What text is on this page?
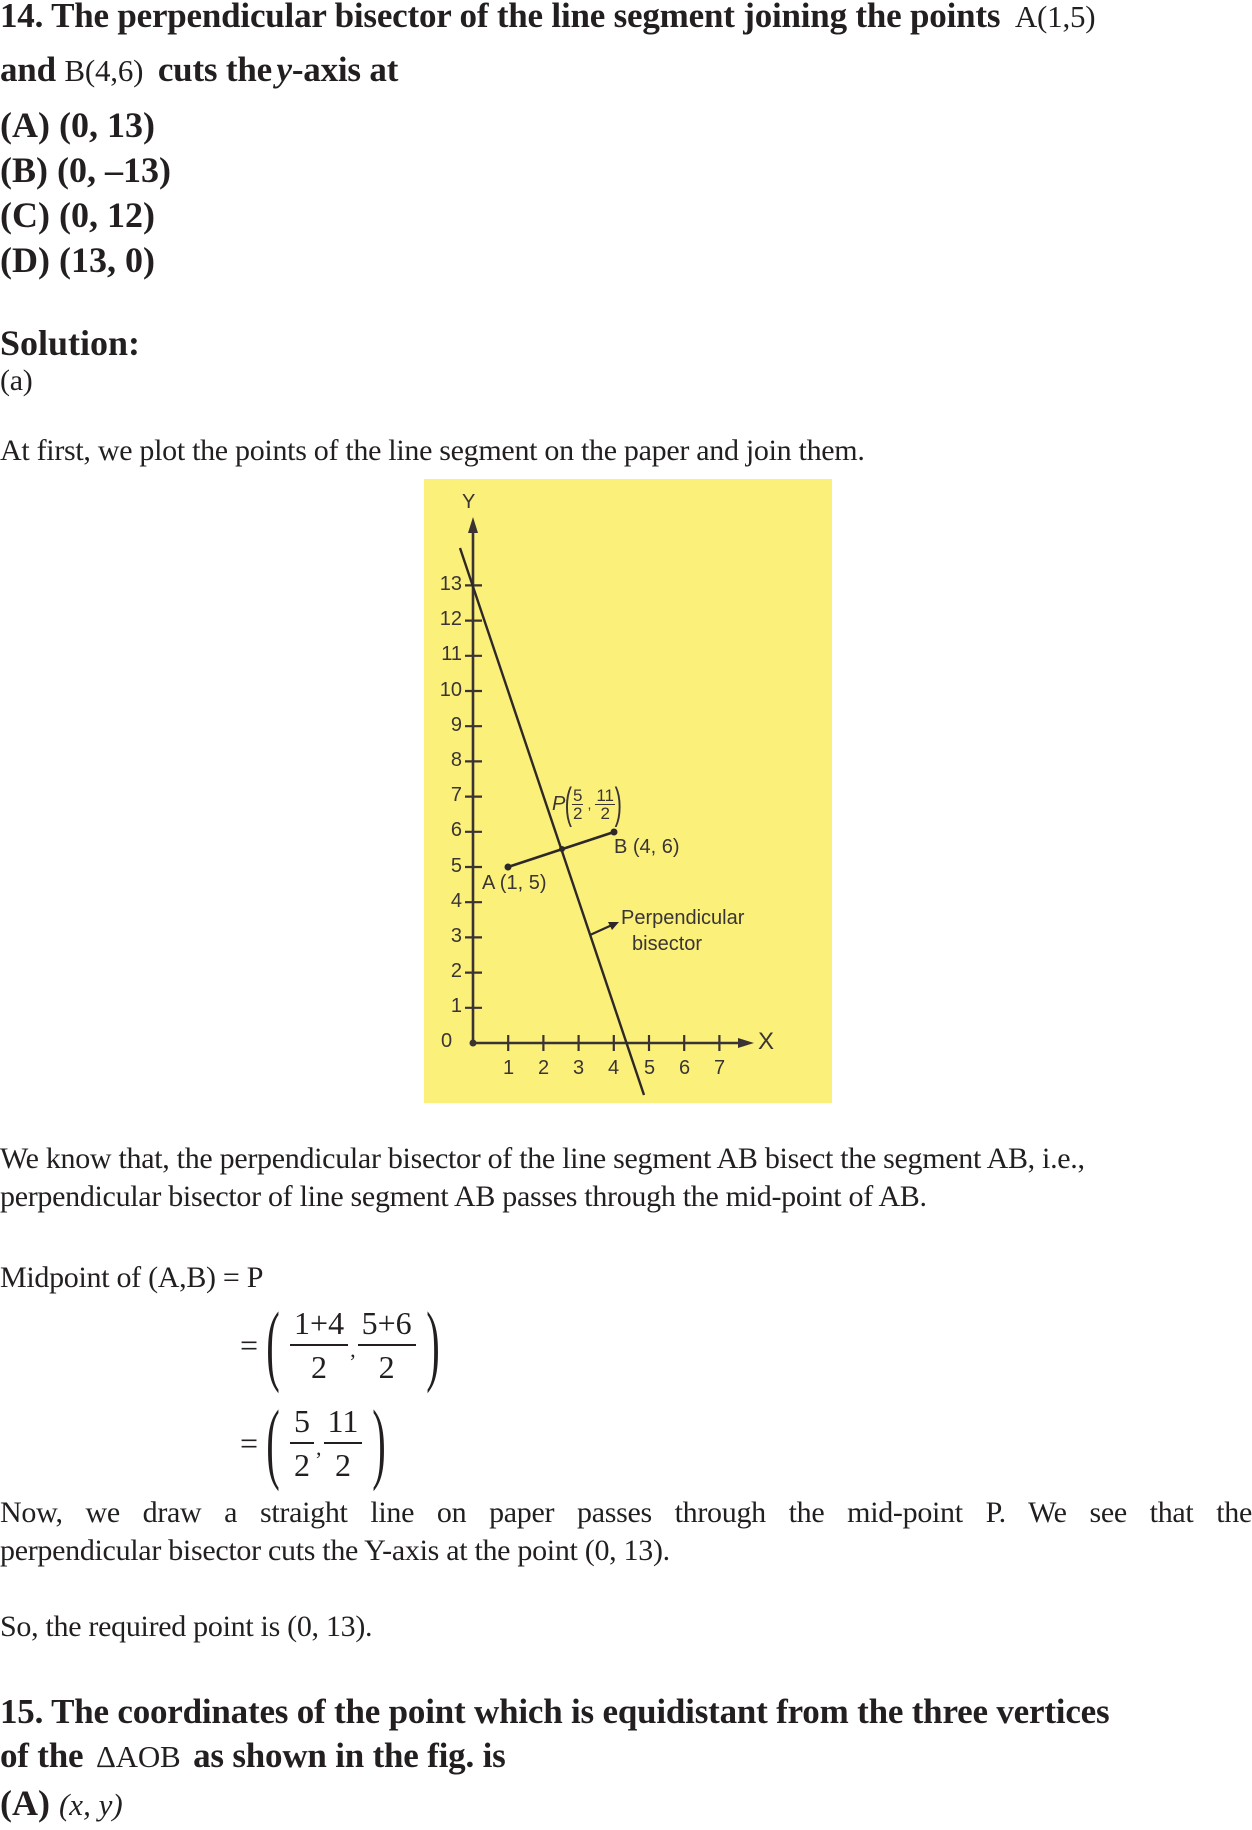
14. The perpendicular bisector of the line segment joining the points A(1,5)
and B(4,6) cuts the y-axis at
(A) (0, 13)
(B) (0, –13)
(C) (0, 12)
(D) (13, 0)
Solution:
(a)
At first, we plot the points of the line segment on the paper and join them.
Y
X
0
1
2
3
4
5
6
7
8
9
10
11
12
13
1 2 3 4 5 6 7
A (1, 5)
B (4, 6)
P ( $\frac{5}{2}$ , $\frac{11}{2}$ )
Perpendicular
bisector
We know that, the perpendicular bisector of the line segment AB bisect the segment AB, i.e.,
perpendicular bisector of line segment AB passes through the mid-point of AB.
Midpoint of (A,B) = P
= ( $\frac{1+4}{2}$ , $\frac{5+6}{2}$ )
= ( $\frac{5}{2}$ , $\frac{11}{2}$ )
Now, we draw a straight line on paper passes through the mid-point P. We see that the
perpendicular bisector cuts the Y-axis at the point (0, 13).
So, the required point is (0, 13).
15. The coordinates of the point which is equidistant from the three vertices
of the ΔAOB as shown in the fig. is
(A) (x, y)
